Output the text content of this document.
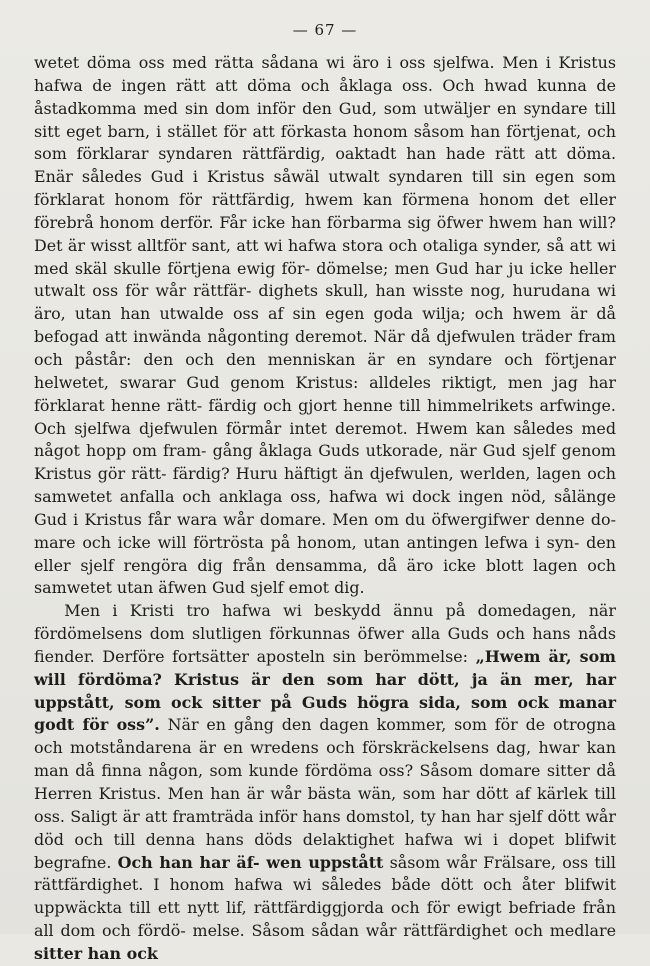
— 67 —

wetet döma oss med rätta sådana wi äro i oss sjelfwa. Men i Kristus hafwa de ingen rätt att döma och åklaga oss. Och hwad kunna de åstadkomma med sin dom inför den Gud, som utwäljer en syndare till sitt eget barn, i stället för att förkasta honom såsom han förtjenat, och som förklarar syndaren rättfärdig, oaktadt han hade rätt att döma. Enär således Gud i Kristus såwäl utwalt syndaren till sin egen som förklarat honom för rättfärdig, hwem kan förmena honom det eller förebrå honom derför. Får icke han förbarma sig öfwer hwem han will? Det är wisst alltför sant, att wi hafwa stora och otaliga synder, så att wi med skäl skulle förtjena ewig för- dömelse; men Gud har ju icke heller utwalt oss för wår rättfär- dighets skull, han wisste nog, hurudana wi äro, utan han utwalde oss af sin egen goda wilja; och hwem är då befogad att inwända någonting deremot. När då djefwulen träder fram och påstår: den och den menniskan är en syndare och förtjenar helwetet, swarar Gud genom Kristus: alldeles riktigt, men jag har förklarat henne rätt- färdig och gjort henne till himmelrikets arfwinge. Och sjelfwa djefwulen förmår intet deremot. Hwem kan således med något hopp om fram- gång åklaga Guds utkorade, när Gud sjelf genom Kristus gör rätt- färdig? Huru häftigt än djefwulen, werlden, lagen och samwetet anfalla och anklaga oss, hafwa wi dock ingen nöd, sålänge Gud i Kristus får wara wår domare. Men om du öfwergifwer denne do- mare och icke will förtrösta på honom, utan antingen lefwa i syn- den eller sjelf rengöra dig från densamma, då äro icke blott lagen och samwetet utan äfwen Gud sjelf emot dig.

Men i Kristi tro hafwa wi beskydd ännu på domedagen, när fördömelsens dom slutligen förkunnas öfwer alla Guds och hans nåds fiender. Derföre fortsätter aposteln sin berömmelse: „Hwem är, som will fördöma? Kristus är den som har dött, ja än mer, har uppstått, som ock sitter på Guds högra sida, som ock manar godt för oss”. När en gång den dagen kommer, som för de otrogna och motståndarena är en wredens och förskräckelsens dag, hwar kan man då finna någon, som kunde fördöma oss? Såsom domare sitter då Herren Kristus. Men han är wår bästa wän, som har dött af kärlek till oss. Saligt är att framträda inför hans domstol, ty han har sjelf dött wår död och till denna hans döds delaktighet hafwa wi i dopet blifwit begrafne. Och han har äf- wen uppstått såsom wår Frälsare, oss till rättfärdighet. I honom hafwa wi således både dött och åter blifwit uppwäckta till ett nytt lif, rättfärdiggjorda och för ewigt befriade från all dom och fördö- melse. Såsom sådan wår rättfärdighet och medlare sitter han ock
